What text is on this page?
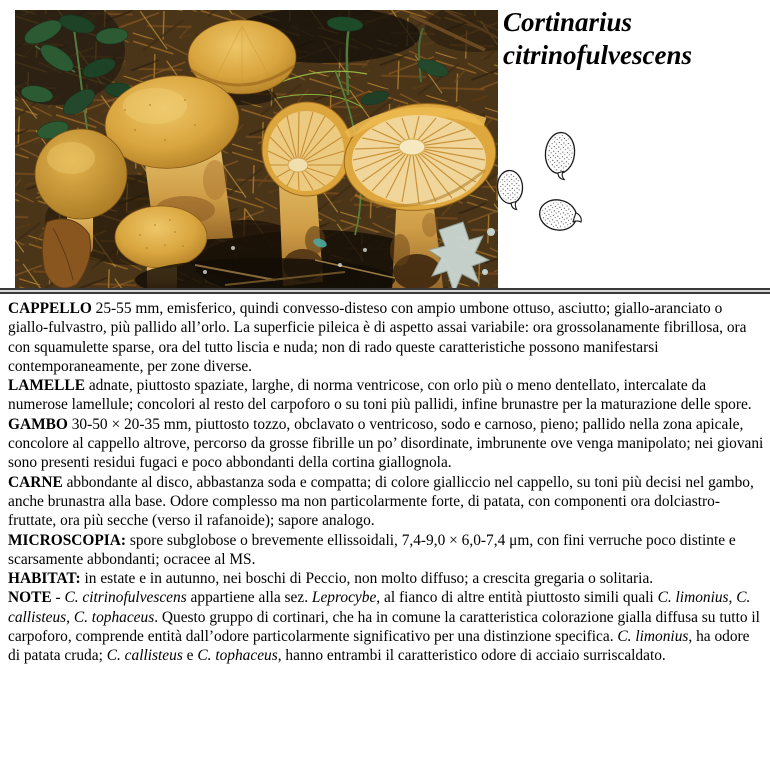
Cortinarius citrinofulvescens

CAPPELLO 25-55 mm, emisferico, quindi convesso-disteso con ampio umbone ottuso, asciutto; giallo-aranciato o giallo-fulvastro, più pallido all’orlo. La superficie pileica è di aspetto assai variabile: ora grossolanamente fibrillosa, ora con squamulette sparse, ora del tutto liscia e nuda; non di rado queste caratteristiche possono manifestarsi contemporaneamente, per zone diverse.

LAMELLE adnate, piuttosto spaziate, larghe, di norma ventricose, con orlo più o meno dentellato, intercalate da numerose lamellule; concolori al resto del carpoforo o su toni più pallidi, infine brunastre per la maturazione delle spore.

GAMBO 30-50 × 20-35 mm, piuttosto tozzo, obclavato o ventricoso, sodo e carnoso, pieno; pallido nella zona apicale, concolore al cappello altrove, percorso da grosse fibrille un po’ disordinate, imbrunente ove venga manipolato; nei giovani sono presenti residui fugaci e poco abbondanti della cortina giallognola.

CARNE abbondante al disco, abbastanza soda e compatta; di colore gialliccio nel cappello, su toni più decisi nel gambo, anche brunastra alla base. Odore complesso ma non particolarmente forte, di patata, con componenti ora dolciastro-fruttate, ora più secche (verso il rafanoide); sapore analogo.

MICROSCOPIA: spore subglobose o brevemente ellissoidali, 7,4-9,0 × 6,0-7,4 μm, con fini verruche poco distinte e scarsamente abbondanti; ocracee al MS.

HABITAT: in estate e in autunno, nei boschi di Peccio, non molto diffuso; a crescita gregaria o solitaria.

NOTE - C. citrinofulvescens appartiene alla sez. Leprocybe, al fianco di altre entità piuttosto simili quali C. limonius, C. callisteus, C. tophaceus. Questo gruppo di cortinari, che ha in comune la caratteristica colorazione gialla diffusa su tutto il carpoforo, comprende entità dall’odore particolarmente significativo per una distinzione specifica. C. limonius, ha odore di patata cruda; C. callisteus e C. tophaceus, hanno entrambi il caratteristico odore di acciaio surriscaldato.
